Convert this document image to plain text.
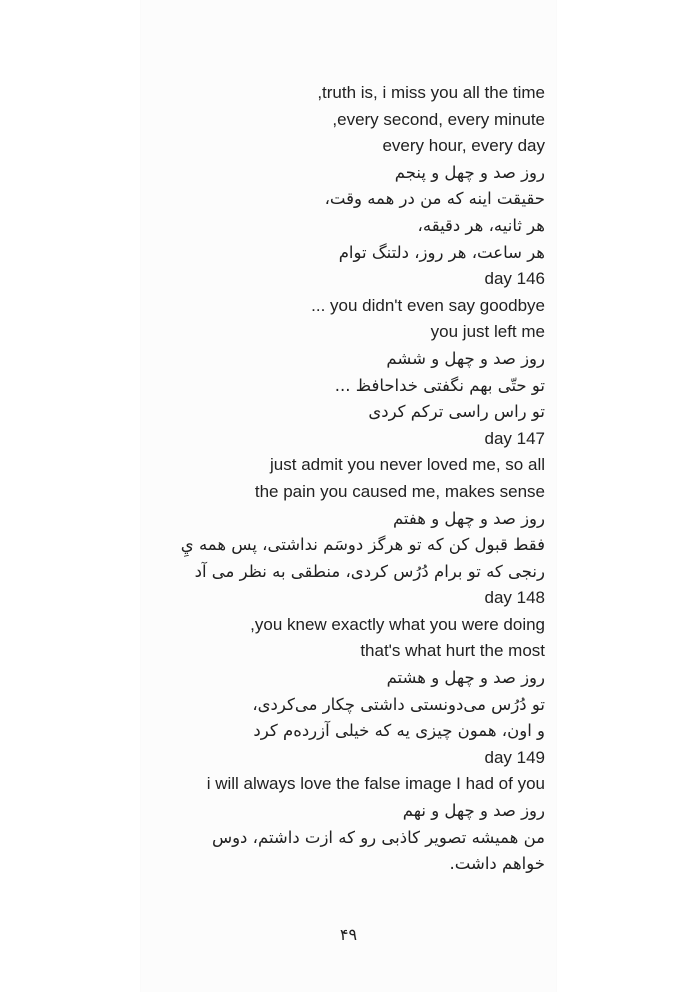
,truth is, i miss you all the time
,every second, every minute
every hour, every day
روز صد و چهل و پنجم
حقیقت اینه که من در همه وقت،
هر ثانیه، هر دقیقه،
هر ساعت، هر روز، دلتنگ توام
day 146
... you didn't even say goodbye
you just left me
روز صد و چهل و ششم
تو حتّی بهم نگفتی خداحافظ ...
تو راس راسی ترکم کردی
day 147
just admit you never loved me, so all
the pain you caused me, makes sense
روز صد و چهل و هفتم
فقط قبول کن که تو هرگز دوسَم نداشتی، پس همه يِ
رنجی که تو برام دُرُس کردی، منطقی به نظر می آد
day 148
,you knew exactly what you were doing
that's what hurt the most
روز صد و چهل و هشتم
تو دُرُس می‌دونستی داشتی چکار می‌کردی،
و اون، همون چیزی یه که خیلی آزرده‌م کرد
day 149
i will always love the false image I had of you
روز صد و چهل و نهم
من همیشه تصویر کاذبی رو که ازت داشتم، دوس
خواهم داشت.
۴۹
